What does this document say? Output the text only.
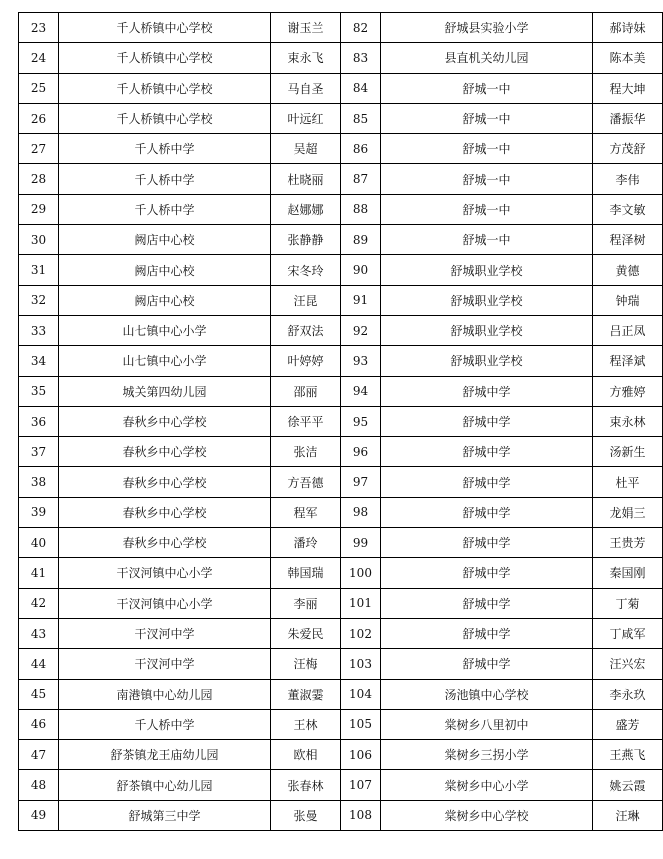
23	千人桥镇中心学校	谢玉兰	82	舒城县实验小学	郝诗妹
24	千人桥镇中心学校	束永飞	83	县直机关幼儿园	陈本美
25	千人桥镇中心学校	马自圣	84	舒城一中	程大坤
26	千人桥镇中心学校	叶远红	85	舒城一中	潘振华
27	千人桥中学	吴超	86	舒城一中	方茂舒
28	千人桥中学	杜晓丽	87	舒城一中	李伟
29	千人桥中学	赵娜娜	88	舒城一中	李文敏
30	阙店中心校	张静静	89	舒城一中	程泽树
31	阙店中心校	宋冬玲	90	舒城职业学校	黄德
32	阙店中心校	汪昆	91	舒城职业学校	钟瑞
33	山七镇中心小学	舒双法	92	舒城职业学校	吕正凤
34	山七镇中心小学	叶婷婷	93	舒城职业学校	程泽斌
35	城关第四幼儿园	邵丽	94	舒城中学	方雅婷
36	春秋乡中心学校	徐平平	95	舒城中学	束永林
37	春秋乡中心学校	张洁	96	舒城中学	汤新生
38	春秋乡中心学校	方吾德	97	舒城中学	杜平
39	春秋乡中心学校	程军	98	舒城中学	龙娟三
40	春秋乡中心学校	潘玲	99	舒城中学	王贵芳
41	干汊河镇中心小学	韩国瑞	100	舒城中学	秦国刚
42	干汊河镇中心小学	李丽	101	舒城中学	丁菊
43	干汊河中学	朱爱民	102	舒城中学	丁咸军
44	干汊河中学	汪梅	103	舒城中学	汪兴宏
45	南港镇中心幼儿园	董淑霎	104	汤池镇中心学校	李永玖
46	千人桥中学	王林	105	棠树乡八里初中	盛芳
47	舒茶镇龙王庙幼儿园	欧相	106	棠树乡三拐小学	王燕飞
48	舒茶镇中心幼儿园	张春林	107	棠树乡中心小学	姚云霞
49	舒城第三中学	张曼	108	棠树乡中心学校	汪琳
